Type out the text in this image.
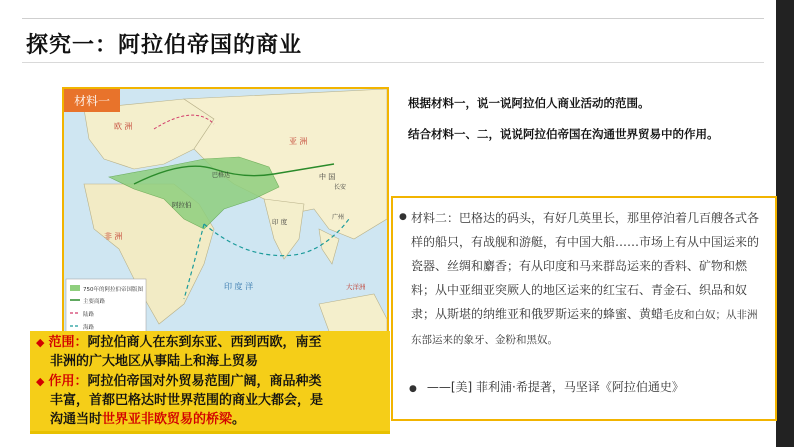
探究一：阿拉伯帝国的商业
材料一
750年的阿拉伯帝国版图
主要商路
陆路
海路
欧 洲
亚 洲
非 洲
中 国
印 度
阿拉伯
巴格达
长安
广州
印 度 洋	大洋洲
根据材料一，说一说阿拉伯人商业活动的范围。
结合材料一、二，说说阿拉伯帝国在沟通世界贸易中的作用。
● 材料二：巴格达的码头，有好几英里长，那里停泊着几百艘各式各样的船只，有战舰和游艇，有中国大船……市场上有从中国运来的瓷器、丝绸和麝香；有从印度和马来群岛运来的香料、矿物和燃料；从中亚细亚突厥人的地区运来的红宝石、青金石、织品和奴隶；从斯堪的纳维亚和俄罗斯运来的蜂蜜、黄蜡毛皮和白奴；从非洲东部运来的象牙、金粉和黑奴。
● ——[美] 菲利浦·希提著，马坚译《阿拉伯通史》
◆ 范围：阿拉伯商人在东到东亚、西到西欧，南至
非洲的广大地区从事陆上和海上贸易
◆ 作用：阿拉伯帝国对外贸易范围广阔，商品种类
丰富，首都巴格达时世界范围的商业大都会，是
沟通当时世界亚非欧贸易的桥梁。
